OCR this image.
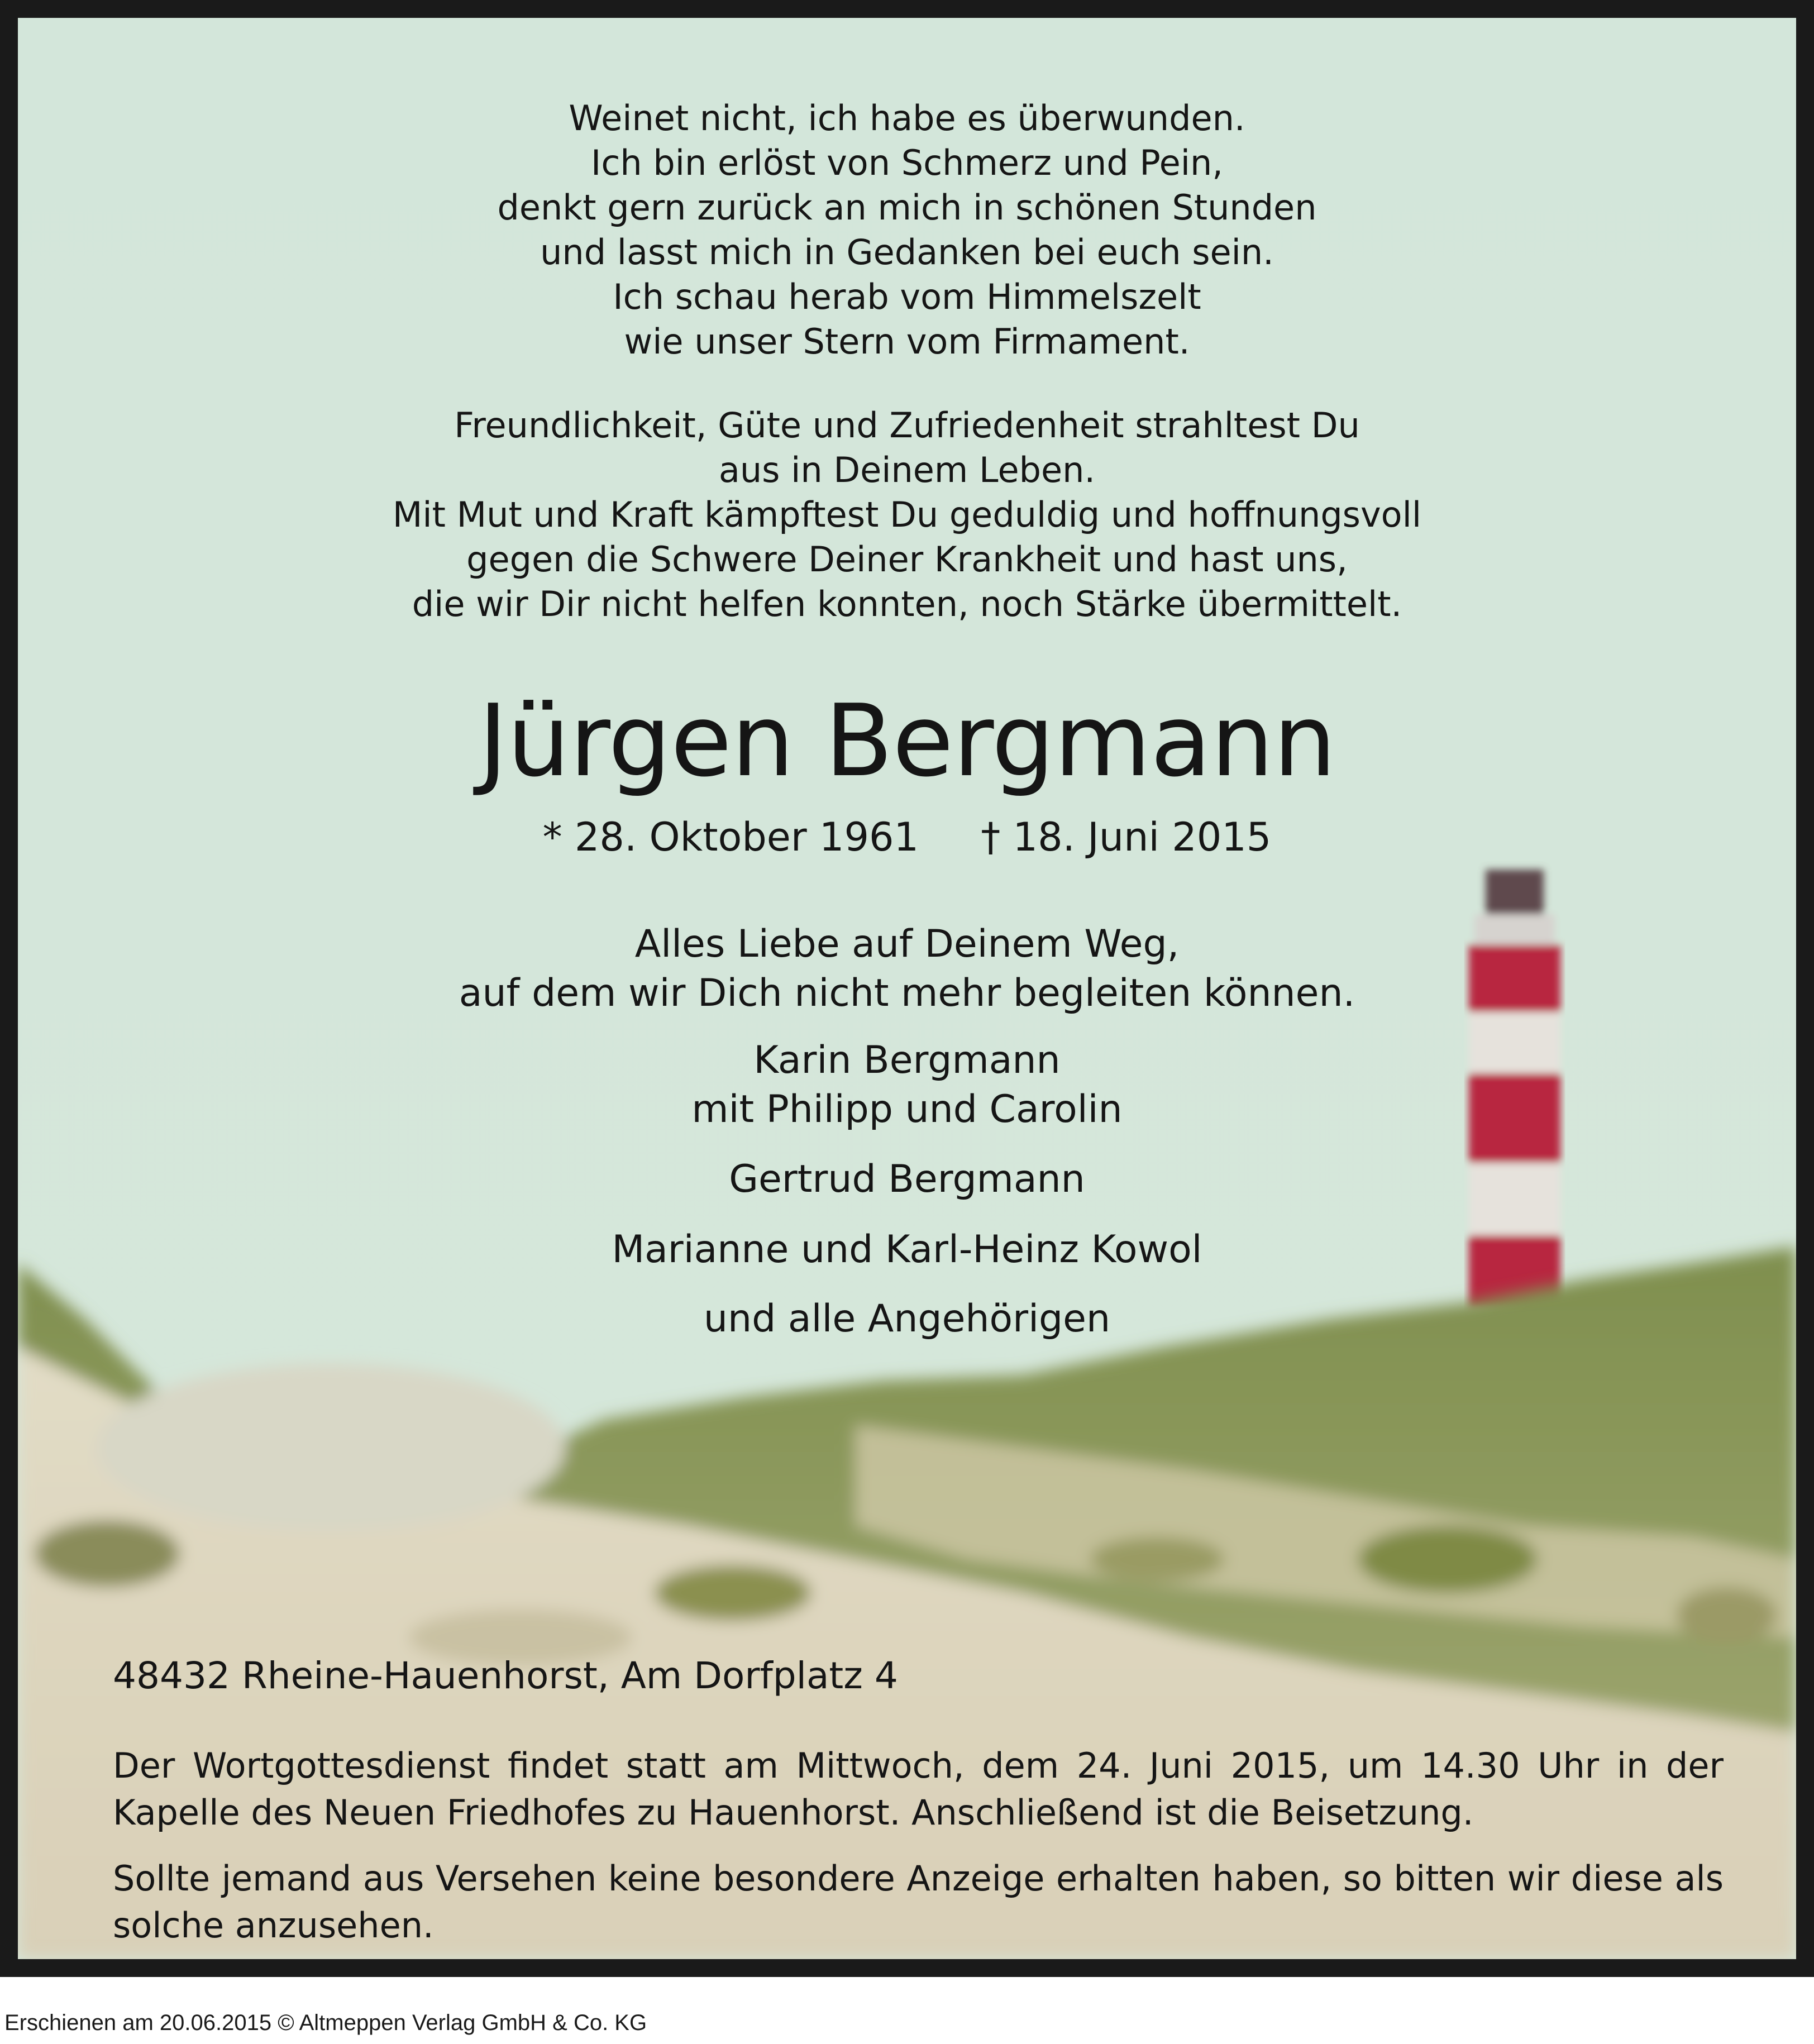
Weinet nicht, ich habe es überwunden.
Ich bin erlöst von Schmerz und Pein,
denkt gern zurück an mich in schönen Stunden
und lasst mich in Gedanken bei euch sein.
Ich schau herab vom Himmelszelt
wie unser Stern vom Firmament.
Freundlichkeit, Güte und Zufriedenheit strahltest Du
aus in Deinem Leben.
Mit Mut und Kraft kämpftest Du geduldig und hoffnungsvoll
gegen die Schwere Deiner Krankheit und hast uns,
die wir Dir nicht helfen konnten, noch Stärke übermittelt.
Jürgen Bergmann
* 28. Oktober 1961     † 18. Juni 2015
Alles Liebe auf Deinem Weg,
auf dem wir Dich nicht mehr begleiten können.
Karin Bergmann
mit Philipp und Carolin
Gertrud Bergmann
Marianne und Karl-Heinz Kowol
und alle Angehörigen
48432 Rheine-Hauenhorst, Am Dorfplatz 4
Der Wortgottesdienst findet statt am Mittwoch, dem 24. Juni 2015, um 14.30 Uhr in der Kapelle des Neuen Friedhofes zu Hauenhorst. Anschließend ist die Beisetzung.
Sollte jemand aus Versehen keine besondere Anzeige erhalten haben, so bitten wir diese als solche anzusehen.
Erschienen am 20.06.2015 © Altmeppen Verlag GmbH & Co. KG
